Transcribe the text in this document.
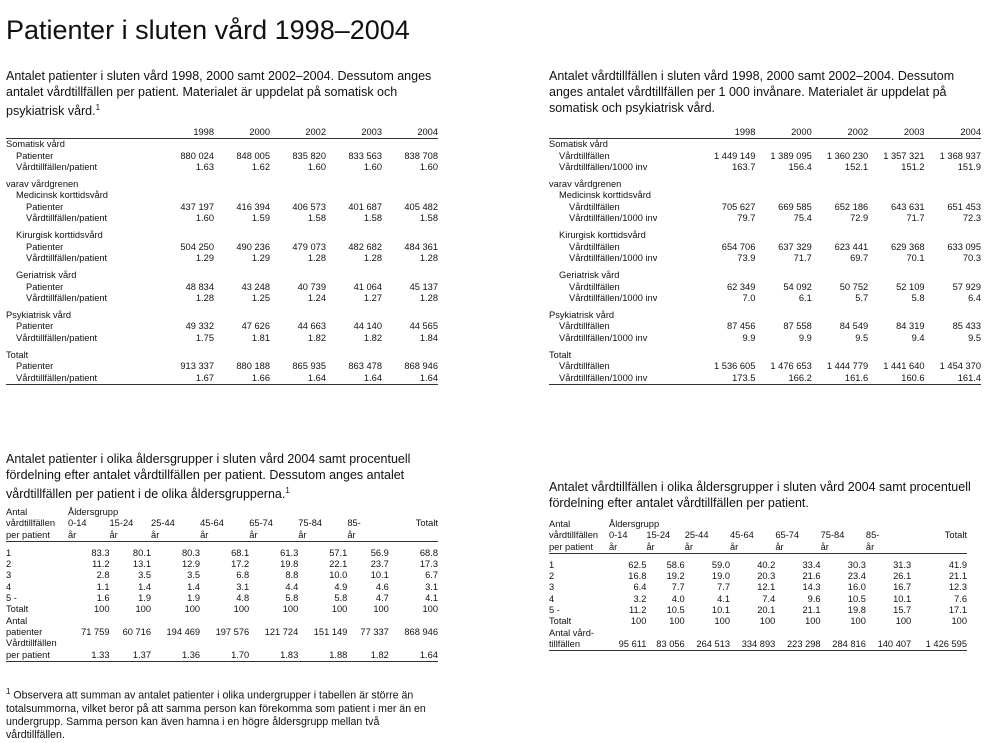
Patienter i sluten vård 1998–2004
Antalet patienter i sluten vård 1998, 2000 samt 2002–2004. Dessutom anges antalet vårdtillfällen per patient. Materialet är uppdelat på somatisk och psykiatrisk vård.$^1$
	1998	2000	2002	2003	2004
Somatisk vård					
Patienter	880 024	848 005	835 820	833 563	838 708
Vårdtillfällen/patient	1.63	1.62	1.60	1.60	1.60

varav vårdgrenen					
Medicinsk korttidsvård					
Patienter	437 197	416 394	406 573	401 687	405 482
Vårdtillfällen/patient	1.60	1.59	1.58	1.58	1.58

Kirurgisk korttidsvård					
Patienter	504 250	490 236	479 073	482 682	484 361
Vårdtillfällen/patient	1.29	1.29	1.28	1.28	1.28

Geriatrisk vård					
Patienter	48 834	43 248	40 739	41 064	45 137
Vårdtillfällen/patient	1.28	1.25	1.24	1.27	1.28

Psykiatrisk vård					
Patienter	49 332	47 626	44 663	44 140	44 565
Vårdtillfällen/patient	1.75	1.81	1.82	1.82	1.84

Totalt					
Patienter	913 337	880 188	865 935	863 478	868 946
Vårdtillfällen/patient	1.67	1.66	1.64	1.64	1.64
Antalet vårdtillfällen i sluten vård 1998, 2000 samt 2002–2004. Dessutom anges antalet vårdtillfällen per 1 000 invånare. Materialet är uppdelat på somatisk och psykiatrisk vård.
	1998	2000	2002	2003	2004
Somatisk vård					
Vårdtillfällen	1 449 149	1 389 095	1 360 230	1 357 321	1 368 937
Vårdtillfällen/1000 inv	163.7	156.4	152.1	151.2	151.9

varav vårdgrenen					
Medicinsk korttidsvård					
Vårdtillfällen	705 627	669 585	652 186	643 631	651 453
Vårdtillfällen/1000 inv	79.7	75.4	72.9	71.7	72.3

Kirurgisk korttidsvård					
Vårdtillfällen	654 706	637 329	623 441	629 368	633 095
Vårdtillfällen/1000 inv	73.9	71.7	69.7	70.1	70.3

Geriatrisk vård					
Vårdtillfällen	62 349	54 092	50 752	52 109	57 929
Vårdtillfällen/1000 inv	7.0	6.1	5.7	5.8	6.4

Psykiatrisk vård					
Vårdtillfällen	87 456	87 558	84 549	84 319	85 433
Vårdtillfällen/1000 inv	9.9	9.9	9.5	9.4	9.5

Totalt					
Vårdtillfällen	1 536 605	1 476 653	1 444 779	1 441 640	1 454 370
Vårdtillfällen/1000 inv	173.5	166.2	161.6	160.6	161.4
Antalet patienter i olika åldersgrupper i sluten vård 2004 samt procentuell fördelning efter antalet vårdtillfällen per patient. Dessutom anges antalet vårdtillfällen per patient i de olika åldersgrupperna.$^1$
Antal	Åldersgrupp							
vårdtillfällen	0-14	15-24	25-44	45-64	65-74	75-84	85-	Totalt
per patient	år	år	år	år	år	år	år	

1	83.3	80.1	80.3	68.1	61.3	57.1	56.9	68.8
2	11.2	13.1	12.9	17.2	19.8	22.1	23.7	17.3
3	2.8	3.5	3.5	6.8	8.8	10.0	10.1	6.7
4	1.1	1.4	1.4	3.1	4.4	4.9	4.6	3.1
5 -	1.6	1.9	1.9	4.8	5.8	5.8	4.7	4.1
Totalt	100	100	100	100	100	100	100	100
Antal								
patienter	71 759	60 716	194 469	197 576	121 724	151 149	77 337	868 946
Vårdtillfällen								
per patient	1.33	1.37	1.36	1.70	1.83	1.88	1.82	1.64
$^1$ Observera att summan av antalet patienter i olika undergrupper i tabellen är större än totalsummorna, vilket beror på att samma person kan förekomma som patient i mer än en undergrupp. Samma person kan även hamna i en högre åldersgrupp mellan två vårdtillfällen.
Antalet vårdtillfällen i olika åldersgrupper i sluten vård 2004 samt procentuell fördelning efter antalet vårdtillfällen per patient.
Antal	Åldersgrupp							
vårdtillfällen	0-14	15-24	25-44	45-64	65-74	75-84	85-	Totalt
per patient	år	år	år	år	år	år	år	

1	62.5	58.6	59.0	40.2	33.4	30.3	31.3	41.9
2	16.8	19.2	19.0	20.3	21.6	23.4	26.1	21.1
3	6.4	7.7	7.7	12.1	14.3	16.0	16.7	12.3
4	3.2	4.0	4.1	7.4	9.6	10.5	10.1	7.6
5 -	11.2	10.5	10.1	20.1	21.1	19.8	15.7	17.1
Totalt	100	100	100	100	100	100	100	100
Antal vård-								
tillfällen	95 611	83 056	264 513	334 893	223 298	284 816	140 407	1 426 595
